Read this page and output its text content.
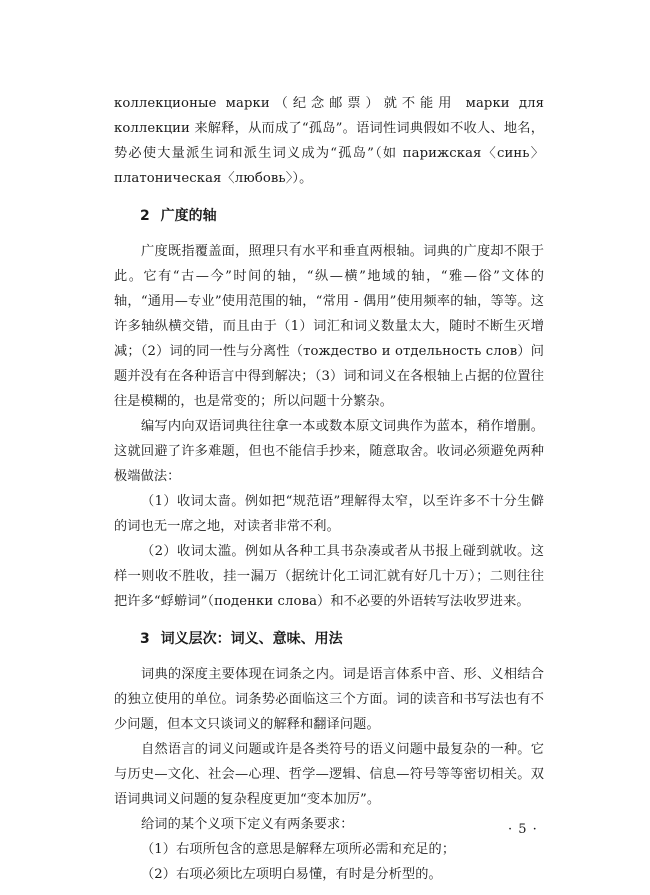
коллекционые марки（纪念邮票）就不能用 марки для коллекции 来解释，从而成了“孤岛”。语词性词典假如不收人、地名，势必使大量派生词和派生词义成为“孤岛”（如 парижская〈синь〉 платоническая〈любовь〉）。

2 广度的轴

广度既指覆盖面，照理只有水平和垂直两根轴。词典的广度却不限于此。它有“古—今”时间的轴，“纵—横”地域的轴，“雅—俗”文体的轴，“通用—专业”使用范围的轴，“常用 - 偶用”使用频率的轴，等等。这许多轴纵横交错，而且由于（1）词汇和词义数量太大，随时不断生灭增减；（2）词的同一性与分离性（тождество и отдельность слов）问题并没有在各种语言中得到解决；（3）词和词义在各根轴上占据的位置往往是模糊的，也是常变的；所以问题十分繁杂。

编写内向双语词典往往拿一本或数本原文词典作为蓝本，稍作增删。这就回避了许多难题，但也不能信手抄来，随意取舍。收词必须避免两种极端做法：

（1）收词太啬。例如把“规范语”理解得太窄，以至许多不十分生僻的词也无一席之地，对读者非常不利。

（2）收词太滥。例如从各种工具书杂凑或者从书报上碰到就收。这样一则收不胜收，挂一漏万（据统计化工词汇就有好几十万）；二则往往把许多“蜉蝣词”（поденки слова）和不必要的外语转写法收罗进来。

3 词义层次：词义、意味、用法

词典的深度主要体现在词条之内。词是语言体系中音、形、义相结合的独立使用的单位。词条势必面临这三个方面。词的读音和书写法也有不少问题，但本文只谈词义的解释和翻译问题。

自然语言的词义问题或许是各类符号的语义问题中最复杂的一种。它与历史—文化、社会—心理、哲学—逻辑、信息—符号等等密切相关。双语词典词义问题的复杂程度更加“变本加厉”。

给词的某个义项下定义有两条要求：

（1）右项所包含的意思是解释左项所必需和充足的；

（2）右项必须比左项明白易懂，有时是分析型的。

· 5 ·
